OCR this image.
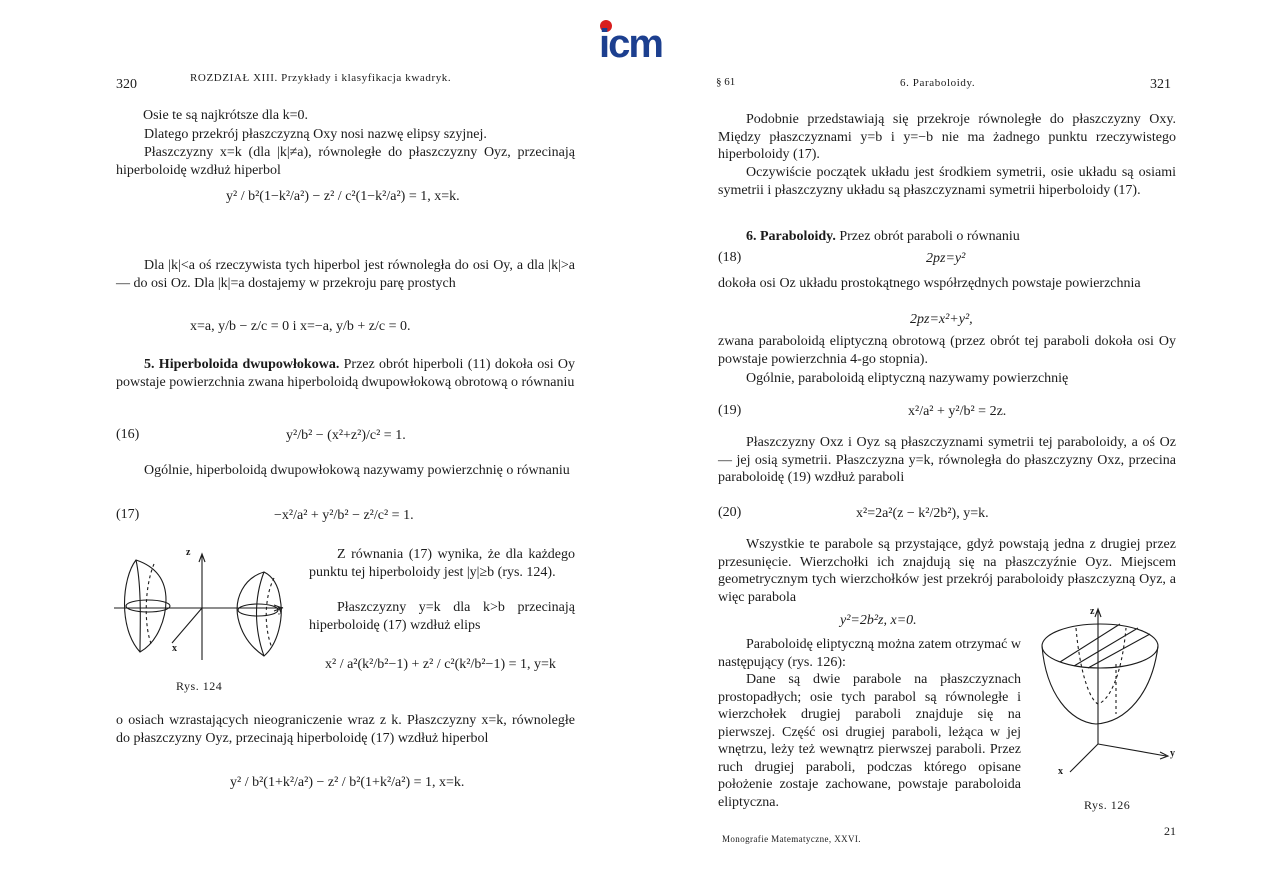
icm
320	ROZDZIAŁ XIII. Przykłady i klasyfikacja kwadryk.
Osie te są najkrótsze dla k=0.
Dlatego przekrój płaszczyzną Oxy nosi nazwę elipsy szyjnej.
Płaszczyzny x=k (dla |k|≠a), równoległe do płaszczyzny Oyz, przecinają hiperboloidę wzdłuż hiperbol
y² / b²(1−k²/a²) − z² / c²(1−k²/a²) = 1, x=k.
Dla |k|<a oś rzeczywista tych hiperbol jest równoległa do osi Oy, a dla |k|>a — do osi Oz. Dla |k|=a dostajemy w przekroju parę prostych
x=a, y/b − z/c = 0 i x=−a, y/b + z/c = 0.
5. Hiperboloida dwupowłokowa. Przez obrót hiperboli (11) dokoła osi Oy powstaje powierzchnia zwana hiperboloidą dwupowłokową obrotową o równaniu
(16)	y²/b² − (x²+z²)/c² = 1.
Ogólnie, hiperboloidą dwupowłokową nazywamy powierzchnię o równaniu
(17)	−x²/a² + y²/b² − z²/c² = 1.
z
y
x
Rys. 124
Z równania (17) wynika, że dla każdego punktu tej hiperboloidy jest |y|≥b (rys. 124).
Płaszczyzny y=k dla k>b przecinają hiperboloidę (17) wzdłuż elips
x² / a²(k²/b²−1) + z² / c²(k²/b²−1) = 1, y=k
o osiach wzrastających nieograniczenie wraz z k. Płaszczyzny x=k, równoległe do płaszczyzny Oyz, przecinają hiperboloidę (17) wzdłuż hiperbol
y² / b²(1+k²/a²) − z² / b²(1+k²/a²) = 1, x=k.
§ 61	6. Paraboloidy.	321
Podobnie przedstawiają się przekroje równoległe do płaszczyzny Oxy. Między płaszczyznami y=b i y=−b nie ma żadnego punktu rzeczywistego hiperboloidy (17).
Oczywiście początek układu jest środkiem symetrii, osie układu są osiami symetrii i płaszczyzny układu są płaszczyznami symetrii hiperboloidy (17).
6. Paraboloidy. Przez obrót paraboli o równaniu
(18)	2pz=y²
dokoła osi Oz układu prostokątnego współrzędnych powstaje powierzchnia
2pz=x²+y²,
zwana paraboloidą eliptyczną obrotową (przez obrót tej paraboli dokoła osi Oy powstaje powierzchnia 4-go stopnia).
Ogólnie, paraboloidą eliptyczną nazywamy powierzchnię
(19)	x²/a² + y²/b² = 2z.
Płaszczyzny Oxz i Oyz są płaszczyznami symetrii tej paraboloidy, a oś Oz — jej osią symetrii. Płaszczyzna y=k, równoległa do płaszczyzny Oxz, przecina paraboloidę (19) wzdłuż paraboli
(20)	x²=2a²(z − k²/2b²), y=k.
Wszystkie te parabole są przystające, gdyż powstają jedna z drugiej przez przesunięcie. Wierzchołki ich znajdują się na płaszczyźnie Oyz. Miejscem geometrycznym tych wierzchołków jest przekrój paraboloidy płaszczyzną Oyz, a więc parabola
y²=2b²z, x=0.
Paraboloidę eliptyczną można zatem otrzymać w następujący (rys. 126):
Dane są dwie parabole na płaszczyznach prostopadłych; osie tych parabol są równoległe i wierzchołek drugiej paraboli znajduje się na pierwszej. Część osi drugiej paraboli, leżąca w jej wnętrzu, leży też wewnątrz pierwszej paraboli. Przez ruch drugiej paraboli, podczas którego opisane położenie zostaje zachowane, powstaje paraboloida eliptyczna.
z
y
x
Rys. 126
Monografie Matematyczne, XXVI.
21
